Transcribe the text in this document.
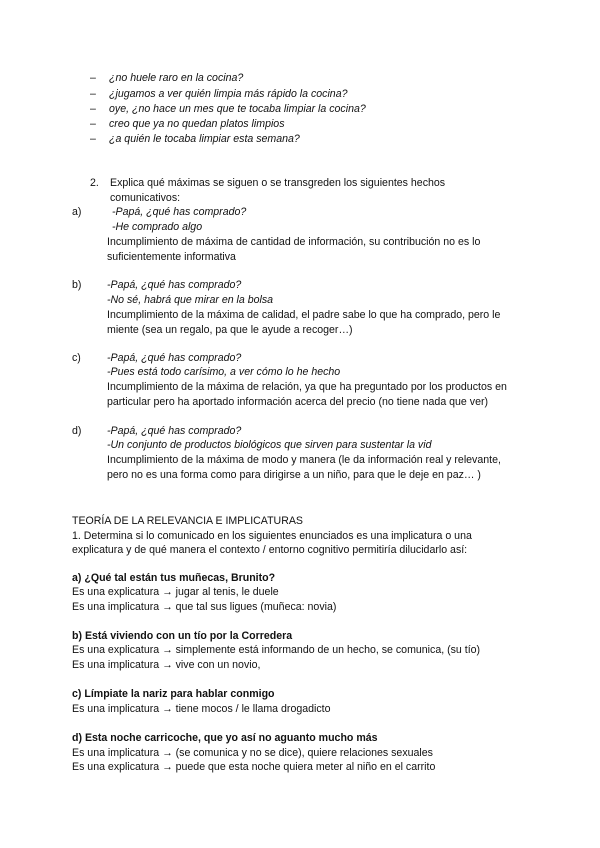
– ¿no huele raro en la cocina?
– ¿jugamos a ver quién limpia más rápido la cocina?
– oye, ¿no hace un mes que te tocaba limpiar la cocina?
– creo que ya no quedan platos limpios
– ¿a quién le tocaba limpiar esta semana?
2. Explica qué máximas se siguen o se transgreden los siguientes hechos
comunicativos:
a)	-Papá, ¿qué has comprado?
-He comprado algo
Incumplimiento de máxima de cantidad de información, su contribución no es lo
suficientemente informativa
b) -Papá, ¿qué has comprado?
-No sé, habrá que mirar en la bolsa
Incumplimiento de la máxima de calidad, el padre sabe lo que ha comprado, pero le
miente (sea un regalo, pa que le ayude a recoger…)
c) -Papá, ¿qué has comprado?
-Pues está todo carísimo, a ver cómo lo he hecho
Incumplimiento de la máxima de relación, ya que ha preguntado por los productos en
particular pero ha aportado información acerca del precio (no tiene nada que ver)
d) -Papá, ¿qué has comprado?
-Un conjunto de productos biológicos que sirven para sustentar la vid
Incumplimiento de la máxima de modo y manera (le da información real y relevante,
pero no es una forma como para dirigirse a un niño, para que le deje en paz… )
TEORÍA DE LA RELEVANCIA E IMPLICATURAS
1. Determina si lo comunicado en los siguientes enunciados es una implicatura o una
explicatura y de qué manera el contexto / entorno cognitivo permitiría dilucidarlo así:
a) ¿Qué tal están tus muñecas, Brunito?
Es una explicatura → jugar al tenis, le duele
Es una implicatura → que tal sus ligues (muñeca: novia)
b) Está viviendo con un tío por la Corredera
Es una explicatura → simplemente está informando de un hecho, se comunica, (su tío)
Es una implicatura → vive con un novio,
c) Límpiate la nariz para hablar conmigo
Es una implicatura → tiene mocos / le llama drogadicto
d) Esta noche carricoche, que yo así no aguanto mucho más
Es una implicatura → (se comunica y no se dice), quiere relaciones sexuales
Es una explicatura → puede que esta noche quiera meter al niño en el carrito
